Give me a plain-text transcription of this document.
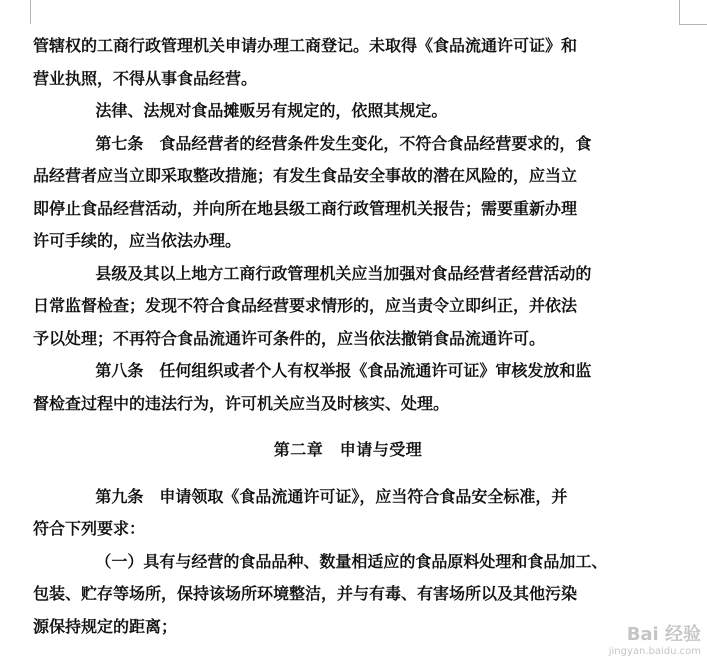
管辖权的工商行政管理机关申请办理工商登记。未取得《食品流通许可证》和
营业执照，不得从事食品经营。
法律、法规对食品摊贩另有规定的，依照其规定。
第七条　食品经营者的经营条件发生变化，不符合食品经营要求的，食
品经营者应当立即采取整改措施；有发生食品安全事故的潜在风险的，应当立
即停止食品经营活动，并向所在地县级工商行政管理机关报告；需要重新办理
许可手续的，应当依法办理。
县级及其以上地方工商行政管理机关应当加强对食品经营者经营活动的
日常监督检查；发现不符合食品经营要求情形的，应当责令立即纠正，并依法
予以处理；不再符合食品流通许可条件的，应当依法撤销食品流通许可。
第八条　任何组织或者个人有权举报《食品流通许可证》审核发放和监
督检查过程中的违法行为，许可机关应当及时核实、处理。
第二章　申请与受理
第九条　申请领取《食品流通许可证》，应当符合食品安全标准，并
符合下列要求：
（一）具有与经营的食品品种、数量相适应的食品原料处理和食品加工、
包装、贮存等场所，保持该场所环境整洁，并与有毒、有害场所以及其他污染
源保持规定的距离；	Bai 经验
jingyan.baidu.com
